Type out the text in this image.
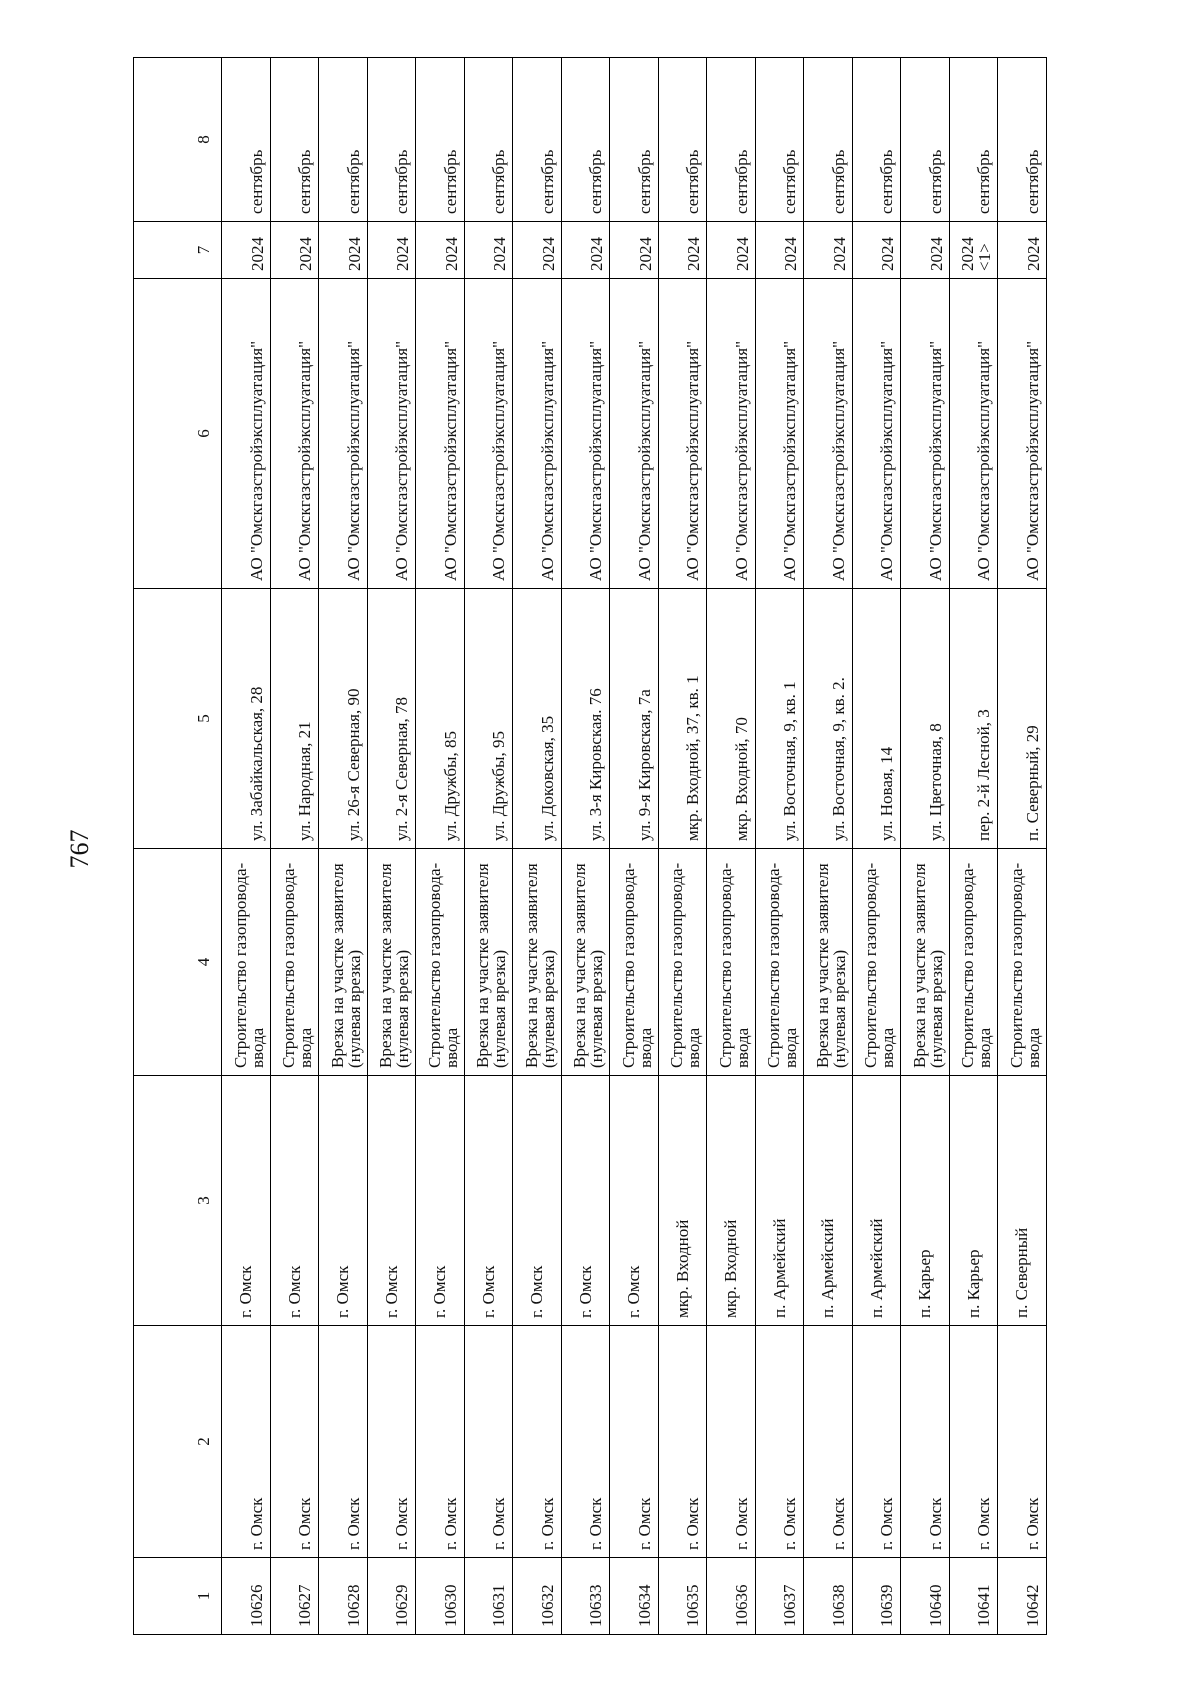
767
1	2	3	4	5	6	7	8
10626	г. Омск	г. Омск	Строительство газопровода-ввода	ул. Забайкальская, 28	АО "Омскгазстройэксплуатация"	2024	сентябрь
10627	г. Омск	г. Омск	Строительство газопровода-ввода	ул. Народная, 21	АО "Омскгазстройэксплуатация"	2024	сентябрь
10628	г. Омск	г. Омск	Врезка на участке заявителя (нулевая врезка)	ул. 26-я Северная, 90	АО "Омскгазстройэксплуатация"	2024	сентябрь
10629	г. Омск	г. Омск	Врезка на участке заявителя (нулевая врезка)	ул. 2-я Северная, 78	АО "Омскгазстройэксплуатация"	2024	сентябрь
10630	г. Омск	г. Омск	Строительство газопровода-ввода	ул. Дружбы, 85	АО "Омскгазстройэксплуатация"	2024	сентябрь
10631	г. Омск	г. Омск	Врезка на участке заявителя (нулевая врезка)	ул. Дружбы, 95	АО "Омскгазстройэксплуатация"	2024	сентябрь
10632	г. Омск	г. Омск	Врезка на участке заявителя (нулевая врезка)	ул. Доковская, 35	АО "Омскгазстройэксплуатация"	2024	сентябрь
10633	г. Омск	г. Омск	Врезка на участке заявителя (нулевая врезка)	ул. 3-я Кировская. 76	АО "Омскгазстройэксплуатация"	2024	сентябрь
10634	г. Омск	г. Омск	Строительство газопровода-ввода	ул. 9-я Кировская, 7а	АО "Омскгазстройэксплуатация"	2024	сентябрь
10635	г. Омск	мкр. Входной	Строительство газопровода-ввода	мкр. Входной, 37, кв. 1	АО "Омскгазстройэксплуатация"	2024	сентябрь
10636	г. Омск	мкр. Входной	Строительство газопровода-ввода	мкр. Входной, 70	АО "Омскгазстройэксплуатация"	2024	сентябрь
10637	г. Омск	п. Армейский	Строительство газопровода-ввода	ул. Восточная, 9, кв. 1	АО "Омскгазстройэксплуатация"	2024	сентябрь
10638	г. Омск	п. Армейский	Врезка на участке заявителя (нулевая врезка)	ул. Восточная, 9, кв. 2.	АО "Омскгазстройэксплуатация"	2024	сентябрь
10639	г. Омск	п. Армейский	Строительство газопровода-ввода	ул. Новая, 14	АО "Омскгазстройэксплуатация"	2024	сентябрь
10640	г. Омск	п. Карьер	Врезка на участке заявителя (нулевая врезка)	ул. Цветочная, 8	АО "Омскгазстройэксплуатация"	2024	сентябрь
10641	г. Омск	п. Карьер	Строительство газопровода-ввода	пер. 2-й Лесной, 3	АО "Омскгазстройэксплуатация"	2024 <1>	сентябрь
10642	г. Омск	п. Северный	Строительство газопровода-ввода	п. Северный, 29	АО "Омскгазстройэксплуатация"	2024	сентябрь
